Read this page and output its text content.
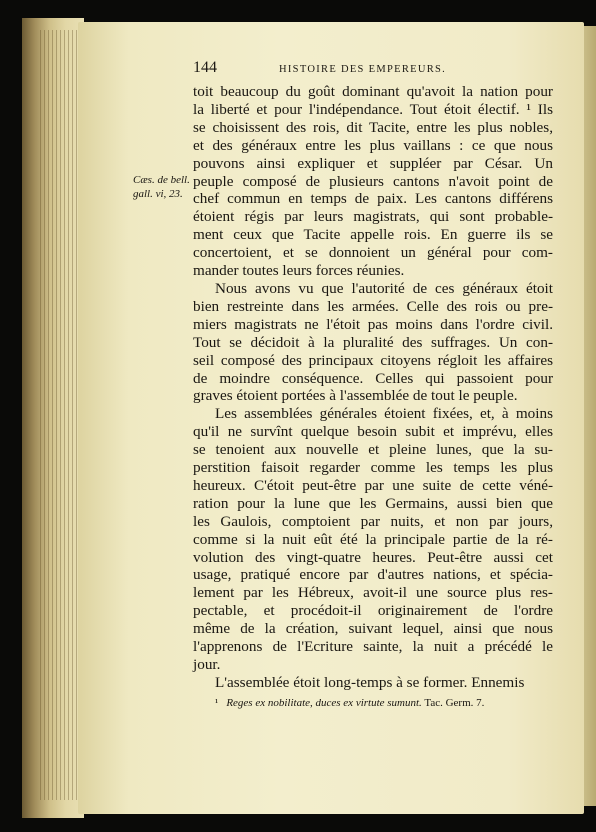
144	HISTOIRE DES EMPEREURS.
Cæs. de bell.
gall. vi, 23.

toit beaucoup du goût dominant qu'avoit la nation pour
la liberté et pour l'indépendance. Tout étoit électif. ¹ Ils
se choisissent des rois, dit Tacite, entre les plus nobles,
et des généraux entre les plus vaillans : ce que nous
pouvons ainsi expliquer et suppléer par César. Un
peuple composé de plusieurs cantons n'avoit point de
chef commun en temps de paix. Les cantons différens
étoient régis par leurs magistrats, qui sont probable-
ment ceux que Tacite appelle rois. En guerre ils se
concertoient, et se donnoient un général pour com-
mander toutes leurs forces réunies.

Nous avons vu que l'autorité de ces généraux étoit
bien restreinte dans les armées. Celle des rois ou pre-
miers magistrats ne l'étoit pas moins dans l'ordre civil.
Tout se décidoit à la pluralité des suffrages. Un con-
seil composé des principaux citoyens régloit les affaires
de moindre conséquence. Celles qui passoient pour
graves étoient portées à l'assemblée de tout le peuple.

Les assemblées générales étoient fixées, et, à moins
qu'il ne survînt quelque besoin subit et imprévu, elles
se tenoient aux nouvelle et pleine lunes, que la su-
perstition faisoit regarder comme les temps les plus
heureux. C'étoit peut-être par une suite de cette véné-
ration pour la lune que les Germains, aussi bien que
les Gaulois, comptoient par nuits, et non par jours,
comme si la nuit eût été la principale partie de la ré-
volution des vingt-quatre heures. Peut-être aussi cet
usage, pratiqué encore par d'autres nations, et spécia-
lement par les Hébreux, avoit-il une source plus res-
pectable, et procédoit-il originairement de l'ordre
même de la création, suivant lequel, ainsi que nous
l'apprenons de l'Ecriture sainte, la nuit a précédé le
jour.

L'assemblée étoit long-temps à se former. Ennemis

¹ Reges ex nobilitate, duces ex virtute sumunt. Tac. Germ. 7.
